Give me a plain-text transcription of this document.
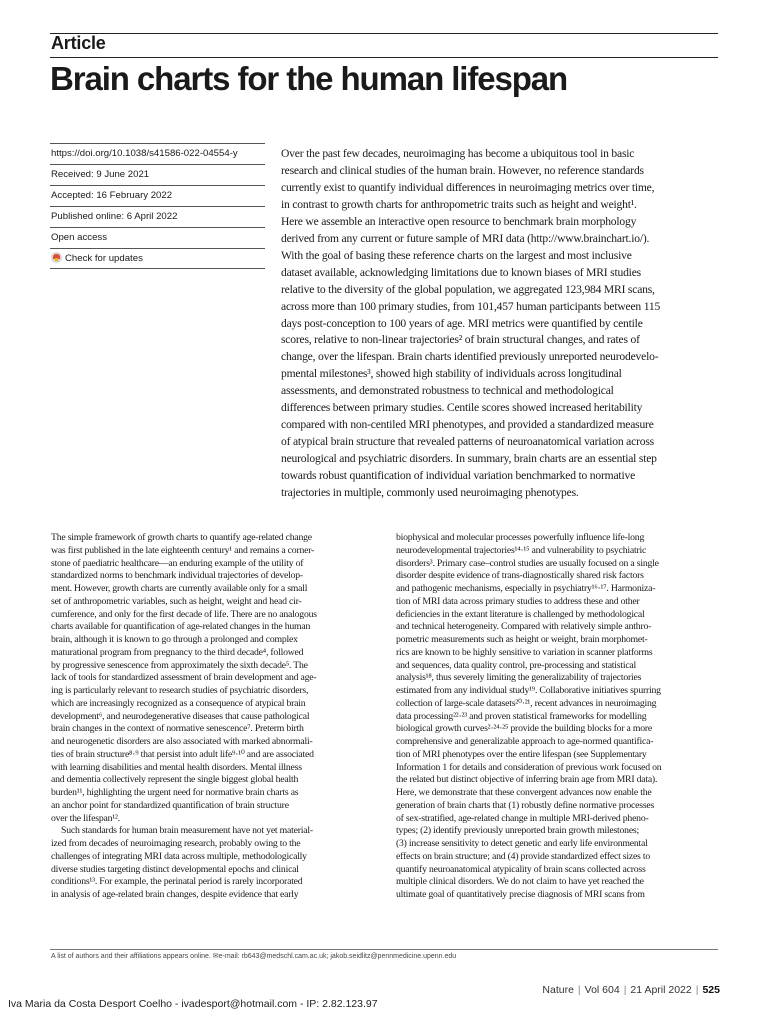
Article
Brain charts for the human lifespan
https://doi.org/10.1038/s41586-022-04554-y
Received: 9 June 2021
Accepted: 16 February 2022
Published online: 6 April 2022
Open access
Check for updates
Over the past few decades, neuroimaging has become a ubiquitous tool in basic
research and clinical studies of the human brain. However, no reference standards
currently exist to quantify individual differences in neuroimaging metrics over time,
in contrast to growth charts for anthropometric traits such as height and weight¹.
Here we assemble an interactive open resource to benchmark brain morphology
derived from any current or future sample of MRI data (http://www.brainchart.io/).
With the goal of basing these reference charts on the largest and most inclusive
dataset available, acknowledging limitations due to known biases of MRI studies
relative to the diversity of the global population, we aggregated 123,984 MRI scans,
across more than 100 primary studies, from 101,457 human participants between 115
days post-conception to 100 years of age. MRI metrics were quantified by centile
scores, relative to non-linear trajectories² of brain structural changes, and rates of
change, over the lifespan. Brain charts identified previously unreported neurodevelo-
pmental milestones³, showed high stability of individuals across longitudinal
assessments, and demonstrated robustness to technical and methodological
differences between primary studies. Centile scores showed increased heritability
compared with non-centiled MRI phenotypes, and provided a standardized measure
of atypical brain structure that revealed patterns of neuroanatomical variation across
neurological and psychiatric disorders. In summary, brain charts are an essential step
towards robust quantification of individual variation benchmarked to normative
trajectories in multiple, commonly used neuroimaging phenotypes.
The simple framework of growth charts to quantify age-related change
was first published in the late eighteenth century¹ and remains a corner-
stone of paediatric healthcare—an enduring example of the utility of
standardized norms to benchmark individual trajectories of develop-
ment. However, growth charts are currently available only for a small
set of anthropometric variables, such as height, weight and head cir-
cumference, and only for the first decade of life. There are no analogous
charts available for quantification of age-related changes in the human
brain, although it is known to go through a prolonged and complex
maturational program from pregnancy to the third decade⁴, followed
by progressive senescence from approximately the sixth decade⁵. The
lack of tools for standardized assessment of brain development and age-
ing is particularly relevant to research studies of psychiatric disorders,
which are increasingly recognized as a consequence of atypical brain
development⁶, and neurodegenerative diseases that cause pathological
brain changes in the context of normative senescence⁷. Preterm birth
and neurogenetic disorders are also associated with marked abnormali-
ties of brain structure⁸·⁹ that persist into adult life⁹·¹⁰ and are associated
with learning disabilities and mental health disorders. Mental illness
and dementia collectively represent the single biggest global health
burden¹¹, highlighting the urgent need for normative brain charts as
an anchor point for standardized quantification of brain structure
over the lifespan¹².
Such standards for human brain measurement have not yet material-
ized from decades of neuroimaging research, probably owing to the
challenges of integrating MRI data across multiple, methodologically
diverse studies targeting distinct developmental epochs and clinical
conditions¹³. For example, the perinatal period is rarely incorporated
in analysis of age-related brain changes, despite evidence that early
biophysical and molecular processes powerfully influence life-long
neurodevelopmental trajectories¹⁴·¹⁵ and vulnerability to psychiatric
disorders³. Primary case–control studies are usually focused on a single
disorder despite evidence of trans-diagnostically shared risk factors
and pathogenic mechanisms, especially in psychiatry¹⁶·¹⁷. Harmoniza-
tion of MRI data across primary studies to address these and other
deficiencies in the extant literature is challenged by methodological
and technical heterogeneity. Compared with relatively simple anthro-
pometric measurements such as height or weight, brain morphomet-
rics are known to be highly sensitive to variation in scanner platforms
and sequences, data quality control, pre-processing and statistical
analysis¹⁸, thus severely limiting the generalizability of trajectories
estimated from any individual study¹⁹. Collaborative initiatives spurring
collection of large-scale datasets²⁰·²¹, recent advances in neuroimaging
data processing²²·²³ and proven statistical frameworks for modelling
biological growth curves²·²⁴·²⁵ provide the building blocks for a more
comprehensive and generalizable approach to age-normed quantifica-
tion of MRI phenotypes over the entire lifespan (see Supplementary
Information 1 for details and consideration of previous work focused on
the related but distinct objective of inferring brain age from MRI data).
Here, we demonstrate that these convergent advances now enable the
generation of brain charts that (1) robustly define normative processes
of sex-stratified, age-related change in multiple MRI-derived pheno-
types; (2) identify previously unreported brain growth milestones;
(3) increase sensitivity to detect genetic and early life environmental
effects on brain structure; and (4) provide standardized effect sizes to
quantify neuroanatomical atypicality of brain scans collected across
multiple clinical disorders. We do not claim to have yet reached the
ultimate goal of quantitatively precise diagnosis of MRI scans from
A list of authors and their affiliations appears online. ✉e-mail: rb643@medschl.cam.ac.uk; jakob.seidlitz@pennmedicine.upenn.edu
Nature | Vol 604 | 21 April 2022 | 525
Iva Maria da Costa Desport Coelho - ivadesport@hotmail.com - IP: 2.82.123.97
